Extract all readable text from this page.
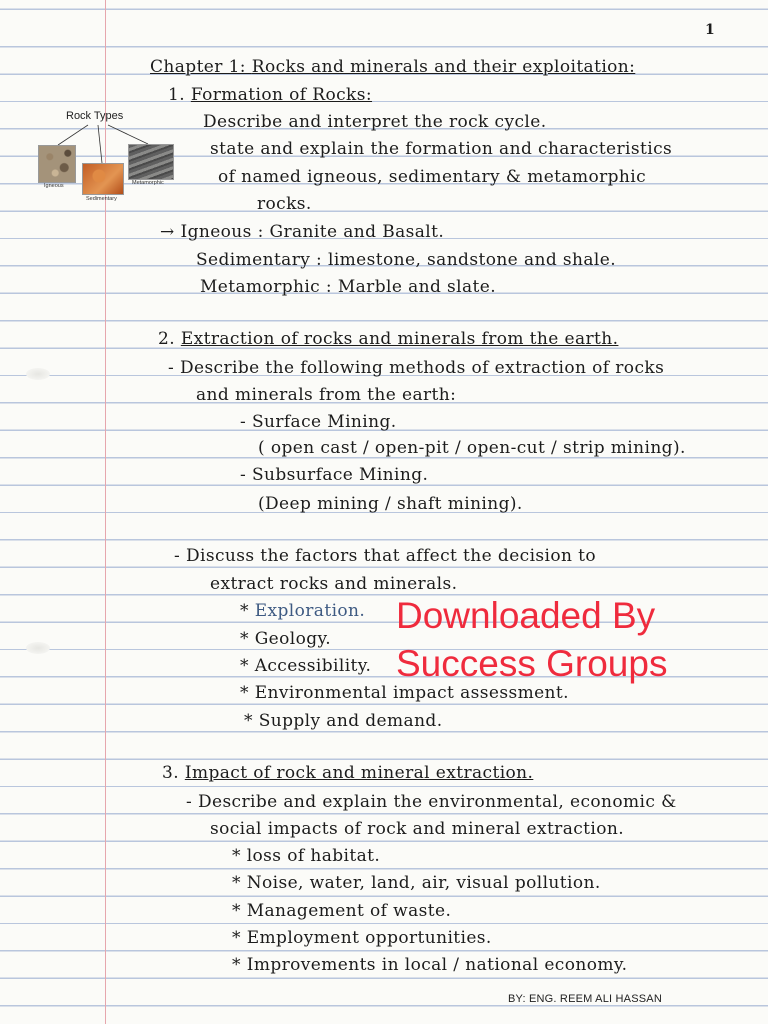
1
Rock Types
Igneous
Sedimentary
Metamorphic
Chapter 1: Rocks and minerals and their exploitation:
1. Formation of Rocks:
Describe and interpret the rock cycle.
state and explain the formation and characteristics
of named igneous, sedimentary & metamorphic
rocks.
→ Igneous : Granite and Basalt.
Sedimentary : limestone, sandstone and shale.
Metamorphic : Marble and slate.
2. Extraction of rocks and minerals from the earth.
- Describe the following methods of extraction of rocks
and minerals from the earth:
- Surface Mining.
( open cast / open-pit / open-cut / strip mining).
- Subsurface Mining.
(Deep mining / shaft mining).
- Discuss the factors that affect the decision to
extract rocks and minerals.
* Exploration.
* Geology.
* Accessibility.
* Environmental impact assessment.
* Supply and demand.
3. Impact of rock and mineral extraction.
- Describe and explain the environmental, economic &
social impacts of rock and mineral extraction.
* loss of habitat.
* Noise, water, land, air, visual pollution.
* Management of waste.
* Employment opportunities.
* Improvements in local / national economy.
Downloaded By
Success Groups
BY: ENG. REEM ALI HASSAN
